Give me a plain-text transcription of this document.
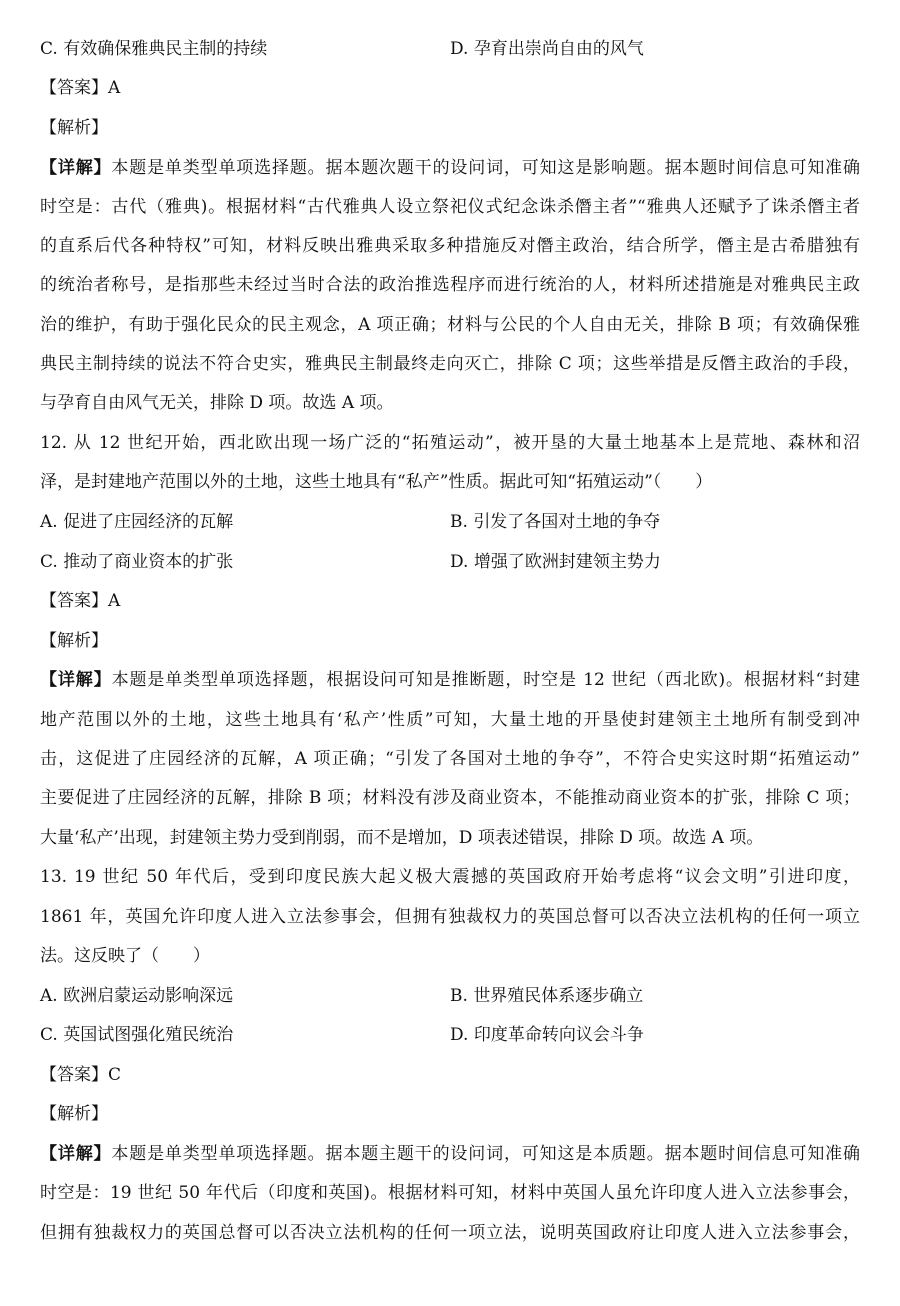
C. 有效确保雅典民主制的持续	D. 孕育出崇尚自由的风气
【答案】A
【解析】
【详解】本题是单类型单项选择题。据本题次题干的设问词，可知这是影响题。据本题时间信息可知准确
时空是：古代（雅典)。根据材料“古代雅典人设立祭祀仪式纪念诛杀僭主者”“雅典人还赋予了诛杀僭主者
的直系后代各种特权”可知，材料反映出雅典采取多种措施反对僭主政治，结合所学，僭主是古希腊独有
的统治者称号，是指那些未经过当时合法的政治推选程序而进行统治的人，材料所述措施是对雅典民主政
治的维护，有助于强化民众的民主观念，A 项正确；材料与公民的个人自由无关，排除 B 项；有效确保雅
典民主制持续的说法不符合史实，雅典民主制最终走向灭亡，排除 C 项；这些举措是反僭主政治的手段，
与孕育自由风气无关，排除 D 项。故选 A 项。
12. 从 12 世纪开始，西北欧出现一场广泛的“拓殖运动”，被开垦的大量土地基本上是荒地、森林和沼
泽，是封建地产范围以外的土地，这些土地具有“私产”性质。据此可知“拓殖运动”（　　）
A. 促进了庄园经济的瓦解	B. 引发了各国对土地的争夺
C. 推动了商业资本的扩张	D. 增强了欧洲封建领主势力
【答案】A
【解析】
【详解】本题是单类型单项选择题，根据设问可知是推断题，时空是 12 世纪（西北欧)。根据材料“封建
地产范围以外的土地，这些土地具有‘私产’性质”可知，大量土地的开垦使封建领主土地所有制受到冲
击，这促进了庄园经济的瓦解，A 项正确；“引发了各国对土地的争夺”，不符合史实这时期“拓殖运动”
主要促进了庄园经济的瓦解，排除 B 项；材料没有涉及商业资本，不能推动商业资本的扩张，排除 C 项；
大量‘私产’出现，封建领主势力受到削弱，而不是增加，D 项表述错误，排除 D 项。故选 A 项。
13. 19 世纪 50 年代后，受到印度民族大起义极大震撼的英国政府开始考虑将“议会文明”引进印度，
1861 年，英国允许印度人进入立法参事会，但拥有独裁权力的英国总督可以否决立法机构的任何一项立
法。这反映了（　　）
A. 欧洲启蒙运动影响深远	B. 世界殖民体系逐步确立
C. 英国试图强化殖民统治	D. 印度革命转向议会斗争
【答案】C
【解析】
【详解】本题是单类型单项选择题。据本题主题干的设问词，可知这是本质题。据本题时间信息可知准确
时空是：19 世纪 50 年代后（印度和英国)。根据材料可知，材料中英国人虽允许印度人进入立法参事会，
但拥有独裁权力的英国总督可以否决立法机构的任何一项立法，说明英国政府让印度人进入立法参事会，
